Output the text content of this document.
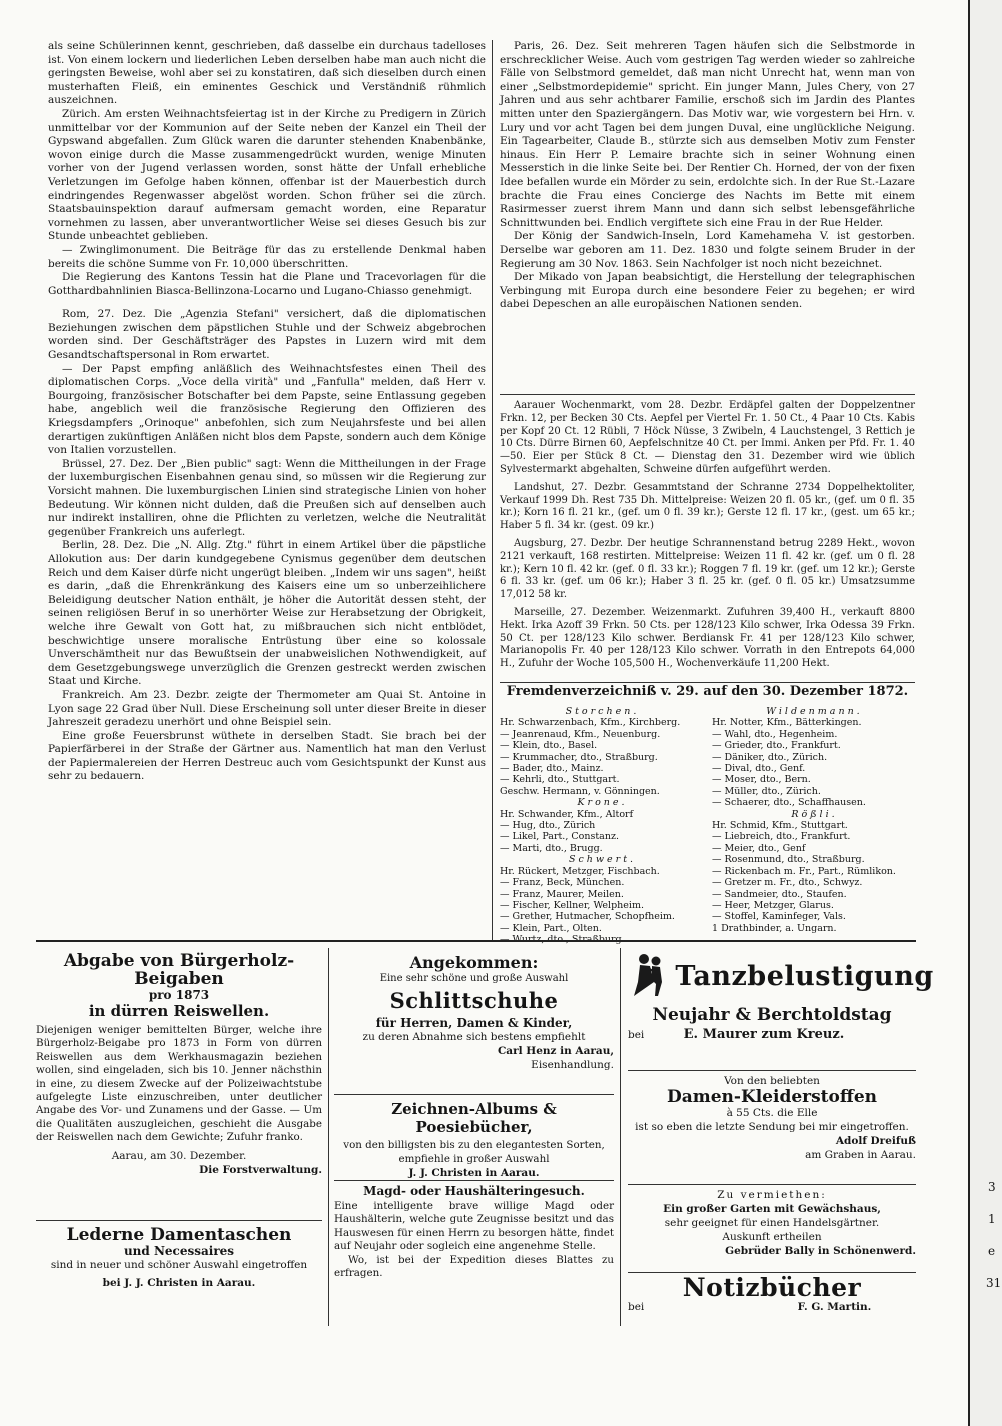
3
1
e
31

als seine Schülerinnen kennt, geschrieben, daß dasselbe ein durchaus tadelloses ist. Von einem lockern und liederlichen Leben derselben habe man auch nicht die geringsten Beweise, wohl aber sei zu konstatiren, daß sich dieselben durch einen musterhaften Fleiß, ein eminentes Geschick und Verständniß rühmlich auszeichnen.

Zürich. Am ersten Weihnachtsfeiertag ist in der Kirche zu Predigern in Zürich unmittelbar vor der Kommunion auf der Seite neben der Kanzel ein Theil der Gypswand abgefallen. Zum Glück waren die darunter stehenden Knabenbänke, wovon einige durch die Masse zusammengedrückt wurden, wenige Minuten vorher von der Jugend verlassen worden, sonst hätte der Unfall erhebliche Verletzungen im Gefolge haben können, offenbar ist der Mauerbestich durch eindringendes Regenwasser abgelöst worden. Schon früher sei die zürch. Staatsbauinspektion darauf aufmersam gemacht worden, eine Reparatur vornehmen zu lassen, aber unverantwortlicher Weise sei dieses Gesuch bis zur Stunde unbeachtet geblieben.

— Zwinglimonument. Die Beiträge für das zu erstellende Denkmal haben bereits die schöne Summe von Fr. 10,000 überschritten.

Die Regierung des Kantons Tessin hat die Plane und Tracevorlagen für die Gotthardbahnlinien Biasca-Bellinzona-Locarno und Lugano-Chiasso genehmigt.

Rom, 27. Dez. Die „Agenzia Stefani" versichert, daß die diplomatischen Beziehungen zwischen dem päpstlichen Stuhle und der Schweiz abgebrochen worden sind. Der Geschäftsträger des Papstes in Luzern wird mit dem Gesandtschaftspersonal in Rom erwartet.

— Der Papst empfing anläßlich des Weihnachtsfestes einen Theil des diplomatischen Corps. „Voce della virità" und „Fanfulla" melden, daß Herr v. Bourgoing, französischer Botschafter bei dem Papste, seine Entlassung gegeben habe, angeblich weil die französische Regierung den Offizieren des Kriegsdampfers „Orinoque" anbefohlen, sich zum Neujahrsfeste und bei allen derartigen zukünftigen Anläßen nicht blos dem Papste, sondern auch dem Könige von Italien vorzustellen.

Brüssel, 27. Dez. Der „Bien public" sagt: Wenn die Mittheilungen in der Frage der luxemburgischen Eisenbahnen genau sind, so müssen wir die Regierung zur Vorsicht mahnen. Die luxemburgischen Linien sind strategische Linien von hoher Bedeutung. Wir können nicht dulden, daß die Preußen sich auf denselben auch nur indirekt installiren, ohne die Pflichten zu verletzen, welche die Neutralität gegenüber Frankreich uns auferlegt.

Berlin, 28. Dez. Die „N. Allg. Ztg." führt in einem Artikel über die päpstliche Allokution aus: Der darin kundgegebene Cynismus gegenüber dem deutschen Reich und dem Kaiser dürfe nicht ungerügt bleiben. „Indem wir uns sagen", heißt es darin, „daß die Ehrenkränkung des Kaisers eine um so unberzeihlichere Beleidigung deutscher Nation enthält, je höher die Autorität dessen steht, der seinen religiösen Beruf in so unerhörter Weise zur Herabsetzung der Obrigkeit, welche ihre Gewalt von Gott hat, zu mißbrauchen sich nicht entblödet, beschwichtige unsere moralische Entrüstung über eine so kolossale Unverschämtheit nur das Bewußtsein der unabweislichen Nothwendigkeit, auf dem Gesetzgebungswege unverzüglich die Grenzen gestreckt werden zwischen Staat und Kirche.

Frankreich. Am 23. Dezbr. zeigte der Thermometer am Quai St. Antoine in Lyon sage 22 Grad über Null. Diese Erscheinung soll unter dieser Breite in dieser Jahreszeit geradezu unerhört und ohne Beispiel sein.

Eine große Feuersbrunst wüthete in derselben Stadt. Sie brach bei der Papierfärberei in der Straße der Gärtner aus. Namentlich hat man den Verlust der Papiermalereien der Herren Destreuc auch vom Gesichtspunkt der Kunst aus sehr zu bedauern.

Paris, 26. Dez. Seit mehreren Tagen häufen sich die Selbstmorde in erschrecklicher Weise. Auch vom gestrigen Tag werden wieder so zahlreiche Fälle von Selbstmord gemeldet, daß man nicht Unrecht hat, wenn man von einer „Selbstmordepidemie" spricht. Ein junger Mann, Jules Chery, von 27 Jahren und aus sehr achtbarer Familie, erschoß sich im Jardin des Plantes mitten unter den Spaziergängern. Das Motiv war, wie vorgestern bei Hrn. v. Lury und vor acht Tagen bei dem jungen Duval, eine unglückliche Neigung. Ein Tagearbeiter, Claude B., stürzte sich aus demselben Motiv zum Fenster hinaus. Ein Herr P. Lemaire brachte sich in seiner Wohnung einen Messerstich in die linke Seite bei. Der Rentier Ch. Horned, der von der fixen Idee befallen wurde ein Mörder zu sein, erdolchte sich. In der Rue St.-Lazare brachte die Frau eines Concierge des Nachts im Bette mit einem Rasirmesser zuerst ihrem Mann und dann sich selbst lebensgefährliche Schnittwunden bei. Endlich vergiftete sich eine Frau in der Rue Helder.

Der König der Sandwich-Inseln, Lord Kamehameha V. ist gestorben. Derselbe war geboren am 11. Dez. 1830 und folgte seinem Bruder in der Regierung am 30 Nov. 1863. Sein Nachfolger ist noch nicht bezeichnet.

Der Mikado von Japan beabsichtigt, die Herstellung der telegraphischen Verbingung mit Europa durch eine besondere Feier zu begehen; er wird dabei Depeschen an alle europäischen Nationen senden.

Aarauer Wochenmarkt, vom 28. Dezbr. Erdäpfel galten der Doppelzentner Frkn. 12, per Becken 30 Cts. Aepfel per Viertel Fr. 1. 50 Ct., 4 Paar 10 Cts. Kabis per Kopf 20 Ct. 12 Rübli, 7 Höck Nüsse, 3 Zwibeln, 4 Lauchstengel, 3 Rettich je 10 Cts. Dürre Birnen 60, Aepfelschnitze 40 Ct. per Immi. Anken per Pfd. Fr. 1. 40—50. Eier per Stück 8 Ct. — Dienstag den 31. Dezember wird wie üblich Sylvestermarkt abgehalten, Schweine dürfen aufgeführt werden.

Landshut, 27. Dezbr. Gesammtstand der Schranne 2734 Doppelhektoliter, Verkauf 1999 Dh. Rest 735 Dh. Mittelpreise: Weizen 20 fl. 05 kr., (gef. um 0 fl. 35 kr.); Korn 16 fl. 21 kr., (gef. um 0 fl. 39 kr.); Gerste 12 fl. 17 kr., (gest. um 65 kr.; Haber 5 fl. 34 kr. (gest. 09 kr.)

Augsburg, 27. Dezbr. Der heutige Schrannenstand betrug 2289 Hekt., wovon 2121 verkauft, 168 restirten. Mittelpreise: Weizen 11 fl. 42 kr. (gef. um 0 fl. 28 kr.); Kern 10 fl. 42 kr. (gef. 0 fl. 33 kr.); Roggen 7 fl. 19 kr. (gef. um 12 kr.); Gerste 6 fl. 33 kr. (gef. um 06 kr.); Haber 3 fl. 25 kr. (gef. 0 fl. 05 kr.) Umsatzsumme 17,012 58 kr.

Marseille, 27. Dezember. Weizenmarkt. Zufuhren 39,400 H., verkauft 8800 Hekt. Irka Azoff 39 Frkn. 50 Cts. per 128/123 Kilo schwer, Irka Odessa 39 Frkn. 50 Ct. per 128/123 Kilo schwer. Berdiansk Fr. 41 per 128/123 Kilo schwer, Marianopolis Fr. 40 per 128/123 Kilo schwer. Vorrath in den Entrepots 64,000 H., Zufuhr der Woche 105,500 H., Wochenverkäufe 11,200 Hekt.

Fremdenverzeichniß v. 29. auf den 30. Dezember 1872.
Storchen.

Hr. Schwarzenbach, Kfm., Kirchberg.

— Jeanrenaud, Kfm., Neuenburg.

— Klein, dto., Basel.

— Krummacher, dto., Straßburg.

— Bader, dto., Mainz.

— Kehrli, dto., Stuttgart.

Geschw. Hermann, v. Gönningen.

Krone.

Hr. Schwander, Kfm., Altorf

— Hug, dto., Zürich

— Likel, Part., Constanz.

— Marti, dto., Brugg.

Schwert.

Hr. Rückert, Metzger, Fischbach.

— Franz, Beck, München.

— Franz, Maurer, Meilen.

— Fischer, Kellner, Welpheim.

— Grether, Hutmacher, Schopfheim.

— Klein, Part., Olten.

Wildenmann.

Hr. Notter, Kfm., Bätterkingen.

— Wahl, dto., Hegenheim.

— Grieder, dto., Frankfurt.

— Däniker, dto., Zürich.

— Dival, dto., Genf.

— Moser, dto., Bern.

— Müller, dto., Zürich.

— Schaerer, dto., Schaffhausen.

Rößli.

Hr. Schmid, Kfm., Stuttgart.

— Liebreich, dto., Frankfurt.

— Meier, dto., Genf

— Rosenmund, dto., Straßburg.

— Rickenbach m. Fr., Part., Rümlikon.

— Gretzer m. Fr., dto., Schwyz.

— Sandmeier, dto., Staufen.

— Heer, Metzger, Glarus.

— Stoffel, Kaminfeger, Vals.

1 Drathbinder, a. Ungarn.

Abgabe von Bürgerholz-Beigaben

pro 1873

in dürren Reiswellen.

Diejenigen weniger bemittelten Bürger, welche ihre Bürgerholz-Beigabe pro 1873 in Form von dürren Reiswellen aus dem Werkhausmagazin beziehen wollen, sind eingeladen, sich bis 10. Jenner nächsthin in eine, zu diesem Zwecke auf der Polizeiwachtstube aufgelegte Liste einzuschreiben, unter deutlicher Angabe des Vor- und Zunamens und der Gasse. — Um die Qualitäten auszugleichen, geschieht die Ausgabe der Reiswellen nach dem Gewichte; Zufuhr franko.

Aarau, am 30. Dezember.

Die Forstverwaltung.

Lederne Damentaschen

und Necessaires

sind in neuer und schöner Auswahl eingetroffen

bei J. J. Christen in Aarau.

Angekommen:

Eine sehr schöne und große Auswahl

Schlittschuhe

für Herren, Damen & Kinder,

zu deren Abnahme sich bestens empfiehlt

Carl Henz in Aarau,

Eisenhandlung.

Zeichnen-Albums & Poesiebücher,

von den billigsten bis zu den elegantesten Sorten, empfiehle in großer Auswahl

J. J. Christen in Aarau.

Magd- oder Haushälteringesuch.

Eine intelligente brave willige Magd oder Haushälterin, welche gute Zeugnisse besitzt und das Hauswesen für einen Herrn zu besorgen hätte, findet auf Neujahr oder sogleich eine angenehme Stelle.

Wo, ist bei der Expedition dieses Blattes zu erfragen.

Tanzbelustigung

Neujahr & Berchtoldstag

bei	E. Maurer zum Kreuz.

Von den beliebten

Damen-Kleiderstoffen

à 55 Cts. die Elle

ist so eben die letzte Sendung bei mir eingetroffen.

Adolf Dreifuß

am Graben in Aarau.

Zu vermiethen:

Ein großer Garten mit Gewächshaus,

sehr geeignet für einen Handelsgärtner.

Auskunft ertheilen

Gebrüder Bally in Schönenwerd.

Notizbücher

bei	F. G. Martin.
